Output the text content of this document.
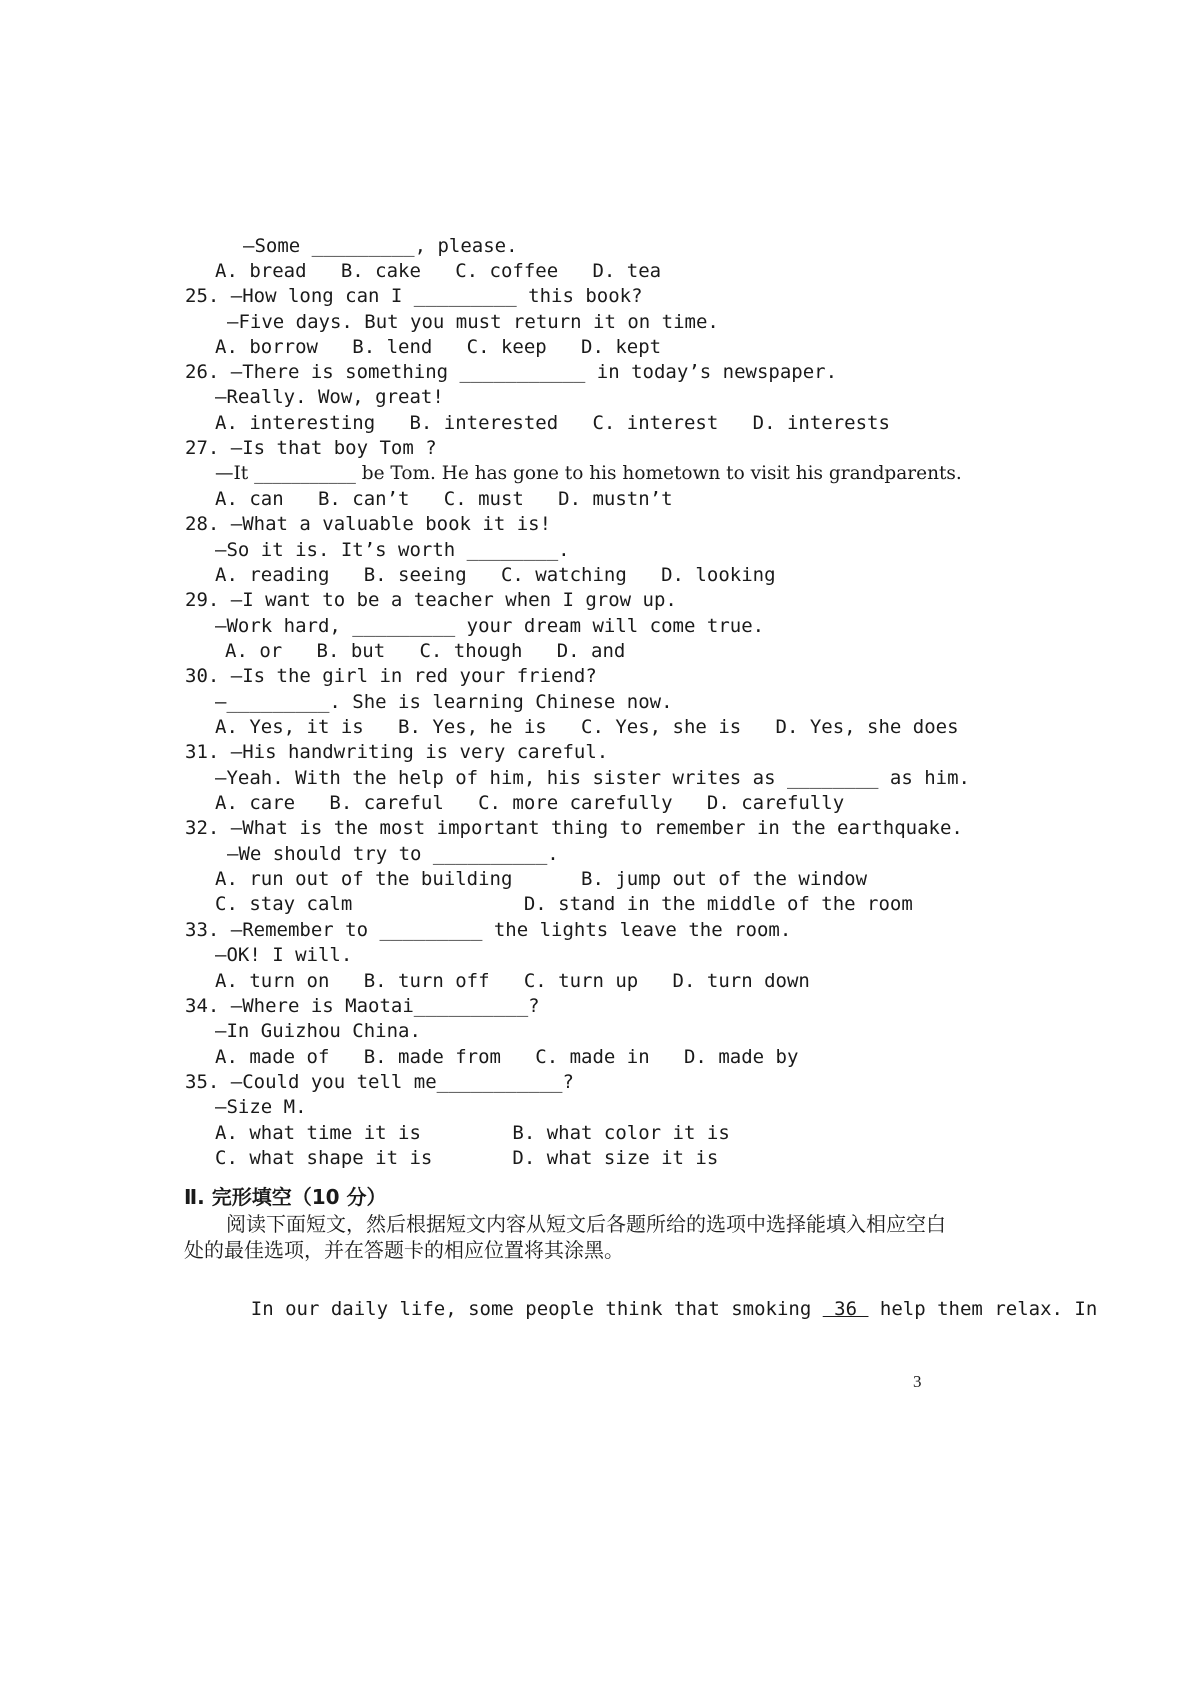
—Some _________, please.
A. bread   B. cake   C. coffee   D. tea
25. —How long can I _________ this book?
—Five days. But you must return it on time.
A. borrow   B. lend   C. keep   D. kept
26. —There is something ___________ in today’s newspaper.
—Really. Wow, great!
A. interesting   B. interested   C. interest   D. interests
27. —Is that boy Tom ?
—It ___________ be Tom. He has gone to his hometown to visit his grandparents.
A. can   B. can’t   C. must   D. mustn’t
28. —What a valuable book it is!
—So it is. It’s worth ________.
A. reading   B. seeing   C. watching   D. looking
29. —I want to be a teacher when I grow up.
—Work hard, _________ your dream will come true.
A. or   B. but   C. though   D. and
30. —Is the girl in red your friend?
—_________. She is learning Chinese now.
A. Yes, it is   B. Yes, he is   C. Yes, she is   D. Yes, she does
31. —His handwriting is very careful.
—Yeah. With the help of him, his sister writes as ________ as him.
A. care   B. careful   C. more carefully   D. carefully
32. —What is the most important thing to remember in the earthquake.
—We should try to __________.
A. run out of the building      B. jump out of the window
C. stay calm               D. stand in the middle of the room
33. —Remember to _________ the lights leave the room.
—OK! I will.
A. turn on   B. turn off   C. turn up   D. turn down
34. —Where is Maotai__________?
—In Guizhou China.
A. made of   B. made from   C. made in   D. made by
35. —Could you tell me___________?
—Size M.
A. what time it is        B. what color it is
C. what shape it is       D. what size it is
Ⅱ. 完形填空（10 分）
阅读下面短文，然后根据短文内容从短文后各题所给的选项中选择能填入相应空白
处的最佳选项，并在答题卡的相应位置将其涂黑。

In our daily life, some people think that smoking  36  help them relax. In

3
